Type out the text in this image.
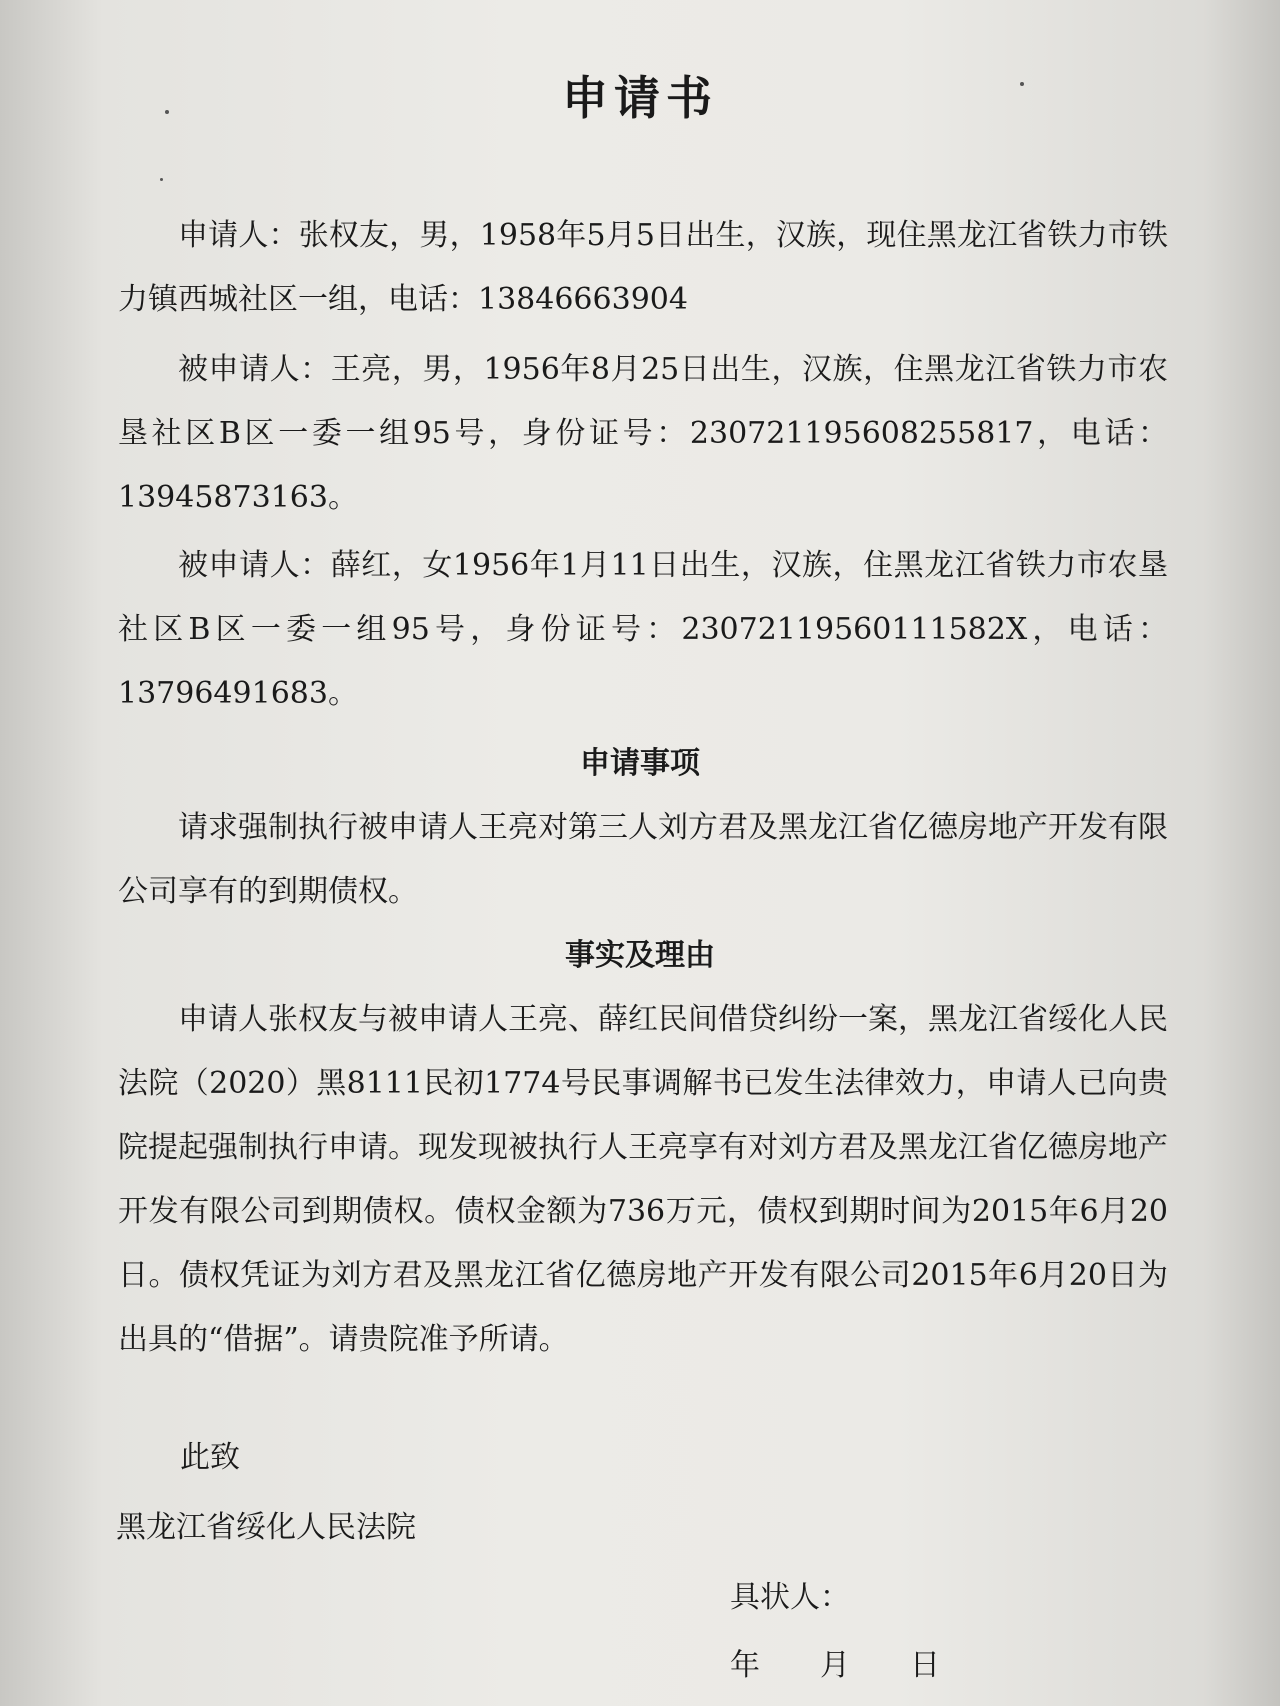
申请书

申请人：张权友，男，1958年5月5日出生，汉族，现住黑龙江省铁力市铁力镇西城社区一组，电话：13846663904

被申请人：王亮，男，1956年8月25日出生，汉族，住黑龙江省铁力市农垦社区B区一委一组95号，身份证号：230721195608255817，电话：13945873163。

被申请人：薛红，女1956年1月11日出生，汉族，住黑龙江省铁力市农垦社区B区一委一组95号，身份证号：23072119560111582X，电话：13796491683。

申请事项

请求强制执行被申请人王亮对第三人刘方君及黑龙江省亿德房地产开发有限公司享有的到期债权。

事实及理由

申请人张权友与被申请人王亮、薛红民间借贷纠纷一案，黑龙江省绥化人民法院（2020）黑8111民初1774号民事调解书已发生法律效力，申请人已向贵院提起强制执行申请。现发现被执行人王亮享有对刘方君及黑龙江省亿德房地产开发有限公司到期债权。债权金额为736万元，债权到期时间为2015年6月20日。债权凭证为刘方君及黑龙江省亿德房地产开发有限公司2015年6月20日为出具的“借据”。请贵院准予所请。

此致
黑龙江省绥化人民法院
具状人：
年　　月　　日
